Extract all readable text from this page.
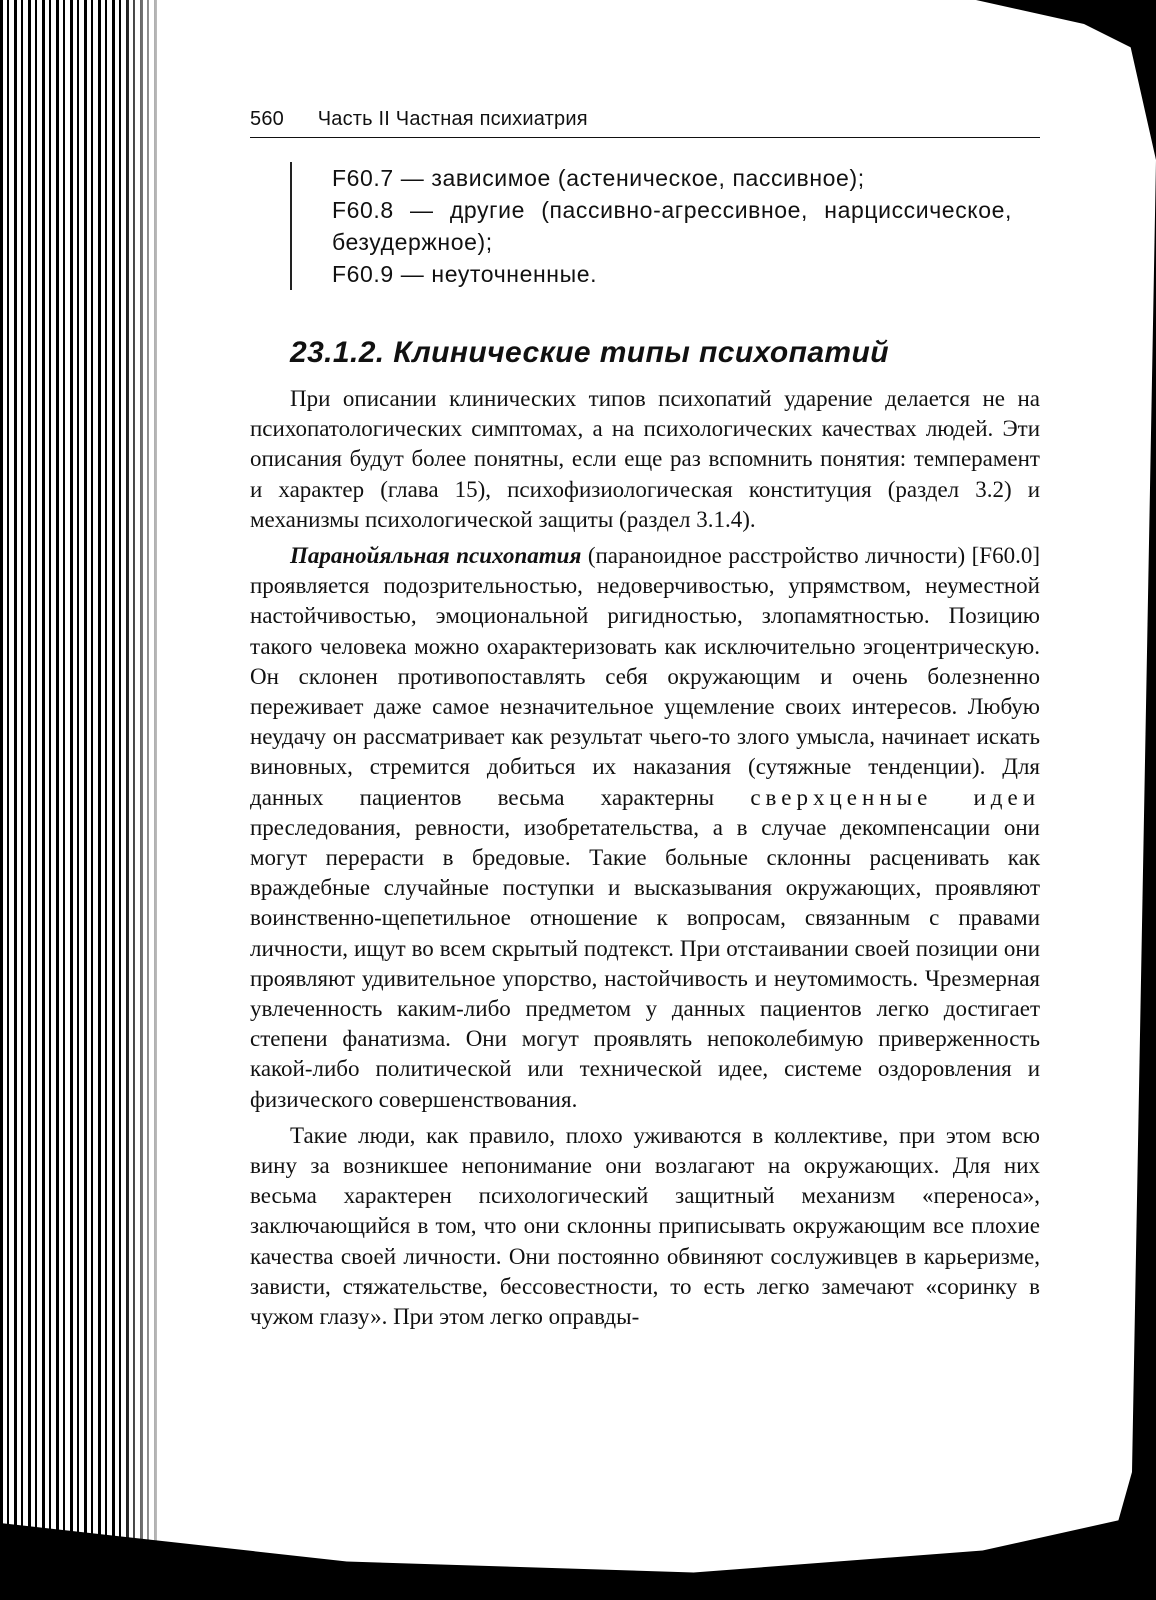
560 Часть II Частная психиатрия
F60.7 — зависимое (астеническое, пассивное);
F60.8 — другие (пассивно-агрессивное, нарциссическое, безудержное);
F60.9 — неуточненные.
23.1.2. Клинические типы психопатий

При описании клинических типов психопатий ударение делается не на психопатологических симптомах, а на психологических качествах людей. Эти описания будут более понятны, если еще раз вспомнить понятия: темперамент и характер (глава 15), психофизиологическая конституция (раздел 3.2) и механизмы психологической защиты (раздел 3.1.4).

Паранойяльная психопатия (параноидное расстройство личности) [F60.0] проявляется подозрительностью, недоверчивостью, упрямством, неуместной настойчивостью, эмоциональной ригидностью, злопамятностью. Позицию такого человека можно охарактеризовать как исключительно эгоцентрическую. Он склонен противопоставлять себя окружающим и очень болезненно переживает даже самое незначительное ущемление своих интересов. Любую неудачу он рассматривает как результат чьего-то злого умысла, начинает искать виновных, стремится добиться их наказания (сутяжные тенденции). Для данных пациентов весьма характерны сверхценные идеи преследования, ревности, изобретательства, а в случае декомпенсации они могут перерасти в бредовые. Такие больные склонны расценивать как враждебные случайные поступки и высказывания окружающих, проявляют воинственно-щепетильное отношение к вопросам, связанным с правами личности, ищут во всем скрытый подтекст. При отстаивании своей позиции они проявляют удивительное упорство, настойчивость и неутомимость. Чрезмерная увлеченность каким-либо предметом у данных пациентов легко достигает степени фанатизма. Они могут проявлять непоколебимую приверженность какой-либо политической или технической идее, системе оздоровления и физического совершенствования.

Такие люди, как правило, плохо уживаются в коллективе, при этом всю вину за возникшее непонимание они возлагают на окружающих. Для них весьма характерен психологический защитный механизм «переноса», заключающийся в том, что они склонны приписывать окружающим все плохие качества своей личности. Они постоянно обвиняют сослуживцев в карьеризме, зависти, стяжательстве, бессовестности, то есть легко замечают «соринку в чужом глазу». При этом легко оправды-
